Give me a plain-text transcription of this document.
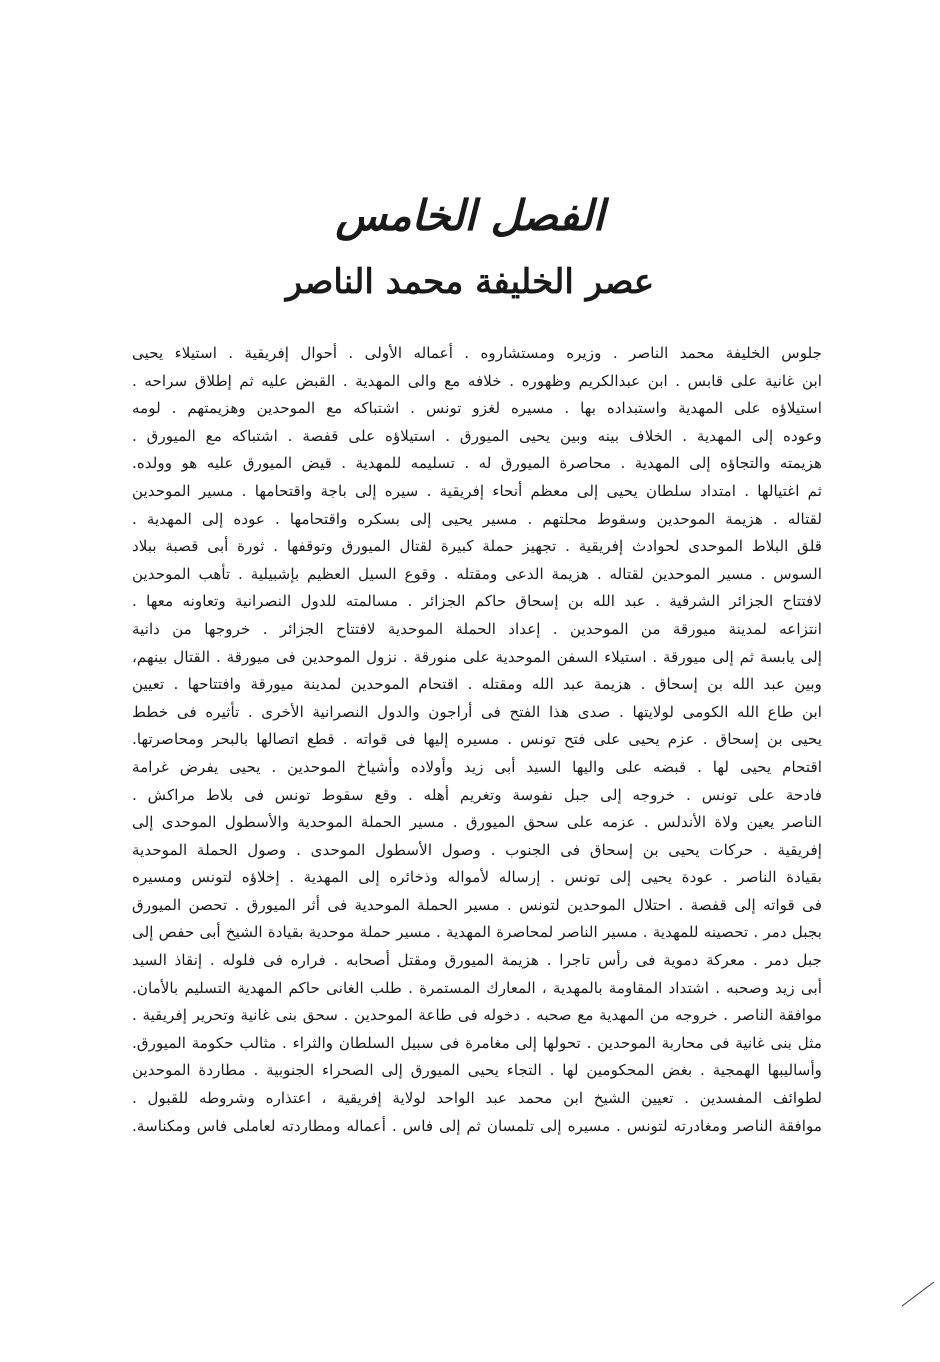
الفصل الخامس
عصر الخليفة محمد الناصر
جلوس الخليفة محمد الناصر . وزيره ومستشاروه . أعماله الأولى . أحوال إفريقية . استيلاء يحيى
ابن غانية على قابس . ابن عبدالكريم وظهوره . خلافه مع والى المهدية . القبض عليه ثم إطلاق سراحه .
استيلاؤه على المهدية واستبداده بها . مسيره لغزو تونس . اشتباكه مع الموحدين وهزيمتهم . لومه
وعوده إلى المهدية . الخلاف بينه وبين يحيى الميورق . استيلاؤه على قفصة . اشتباكه مع الميورق .
هزيمته والتجاؤه إلى المهدية . محاصرة الميورق له . تسليمه للمهدية . قيض الميورق عليه هو وولده.
ثم اغتيالها . امتداد سلطان يحيى إلى معظم أنحاء إفريقية . سيره إلى باجة واقتحامها . مسير الموحدين
لقتاله . هزيمة الموحدين وسقوط محلتهم . مسير يحيى إلى بسكره واقتحامها . عوده إلى المهدية .
قلق البلاط الموحدى لحوادث إفريقية . تجهيز حملة كبيرة لقتال الميورق وتوقفها . ثورة أبى قصبة ببلاد
السوس . مسير الموحدين لقتاله . هزيمة الدعى ومقتله . وقوع السيل العظيم بإشبيلية . تأهب الموحدين
لافتتاح الجزائر الشرقية . عبد الله بن إسحاق حاكم الجزائر . مسالمته للدول النصرانية وتعاونه معها .
انتزاعه لمدينة ميورقة من الموحدين . إعداد الحملة الموحدية لافتتاح الجزائر . خروجها من دانية
إلى يابسة ثم إلى ميورقة . استيلاء السفن الموحدية على منورقة . نزول الموحدين فى ميورقة . القتال بينهم،
وبين عبد الله بن إسحاق . هزيمة عبد الله ومقتله . اقتحام الموحدين لمدينة ميورقة وافتتاحها . تعيين
ابن طاع الله الكومى لولايتها . صدى هذا الفتح فى أراجون والدول النصرانية الأخرى . تأثيره فى خطط
يحيى بن إسحاق . عزم يحيى على فتح تونس . مسيره إليها فى قواته . قطع اتصالها بالبحر ومحاصرتها.
اقتحام يحيى لها . قبضه على واليها السيد أبى زيد وأولاده وأشياخ الموحدين . يحيى يفرض غرامة
فادحة على تونس . خروجه إلى جبل نفوسة وتغريم أهله . وقع سقوط تونس فى بلاط مراكش .
الناصر يعين ولاة الأندلس . عزمه على سحق الميورق . مسير الحملة الموحدية والأسطول الموحدى إلى
إفريقية . حركات يحيى بن إسحاق فى الجنوب . وصول الأسطول الموحدى . وصول الحملة الموحدية
بقيادة الناصر . عودة يحيى إلى تونس . إرساله لأمواله وذخائره إلى المهدية . إخلاؤه لتونس ومسيره
فى قواته إلى قفصة . احتلال الموحدين لتونس . مسير الحملة الموحدية فى أثر الميورق . تحصن الميورق
بجبل دمر . تحصينه للمهدية . مسير الناصر لمحاصرة المهدية . مسير حملة موحدية بقيادة الشيخ أبى حفص إلى
جبل دمر . معركة دموية فى رأس تاجرا . هزيمة الميورق ومقتل أصحابه . فراره فى فلوله . إنقاذ السيد
أبى زيد وصحبه . اشتداد المقاومة بالمهدية ، المعارك المستمرة . طلب الغانى حاكم المهدية التسليم بالأمان.
موافقة الناصر . خروجه من المهدية مع صحبه . دخوله فى طاعة الموحدين . سحق بنى غانية وتحرير إفريقية .
مثل بنى غانية فى محاربة الموحدين . تحولها إلى مغامرة فى سبيل السلطان والثراء . مثالب حكومة الميورق.
وأساليبها الهمجية . بغض المحكومين لها . التجاء يحيى الميورق إلى الصحراء الجنوبية . مطاردة الموحدين
لطوائف المفسدين . تعيين الشيخ ابن محمد عبد الواحد لولاية إفريقية ، اعتذاره وشروطه للقبول .
موافقة الناصر ومغادرته لتونس . مسيره إلى تلمسان ثم إلى فاس . أعماله ومطاردته لعاملى فاس ومكناسة.
